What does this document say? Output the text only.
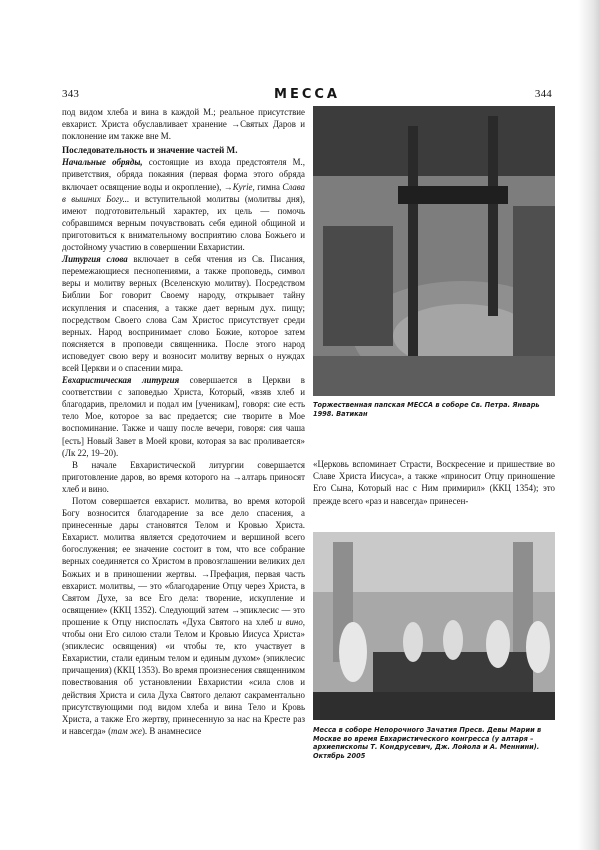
343	МЕССА	344

под видом хлеба и вина в каждой М.; реальное присутствие евхарист. Христа обуславливает хранение →Святых Даров и поклонение им также вне М.

Последовательность и значение частей М.

Начальные обряды, состоящие из входа предстоятеля М., приветствия, обряда покаяния (первая форма этого обряда включает освящение воды и окропление), →Kyrie, гимна Слава в вышних Богу... и вступительной молитвы (молитвы дня), имеют подготовительный характер, их цель — помочь собравшимся верным почувствовать себя единой общиной и приготовиться к внимательному восприятию слова Божьего и достойному участию в совершении Евхаристии.

Литургия слова включает в себя чтения из Св. Писания, перемежающиеся песнопениями, а также проповедь, символ веры и молитву верных (Вселенскую молитву). Посредством Библии Бог говорит Своему народу, открывает тайну искупления и спасения, а также дает верным дух. пищу; посредством Своего слова Сам Христос присутствует среди верных. Народ воспринимает слово Божие, которое затем поясняется в проповеди священника. После этого народ исповедует свою веру и возносит молитву верных о нуждах всей Церкви и о спасении мира.

Евхаристическая литургия совершается в Церкви в соответствии с заповедью Христа, Который, «взяв хлеб и благодарив, преломил и подал им [ученикам], говоря: сие есть тело Мое, которое за вас предается; сие творите в Мое воспоминание. Также и чашу после вечери, говоря: сия чаша [есть] Новый Завет в Моей крови, которая за вас проливается» (Лк 22, 19–20).

В начале Евхаристической литургии совершается приготовление даров, во время которого на →алтарь приносят хлеб и вино.

Потом совершается евхарист. молитва, во время которой Богу возносится благодарение за все дело спасения, а принесенные дары становятся Телом и Кровью Христа. Евхарист. молитва является средоточием и вершиной всего богослужения; ее значение состоит в том, что все собрание верных соединяется со Христом в провозглашении великих дел Божьих и в приношении жертвы. →Префация, первая часть евхарист. молитвы, — это «благодарение Отцу через Христа, в Святом Духе, за все Его дела: творение, искупление и освящение» (ККЦ 1352). Следующий затем →эпиклесис — это прошение к Отцу ниспослать «Духа Святого на хлеб и вино, чтобы они Его силою стали Телом и Кровью Иисуса Христа» (эпиклесис освящения) «и чтобы те, кто участвует в Евхаристии, стали единым телом и единым духом» (эпиклесис причащения) (ККЦ 1353). Во время произнесения священником повествования об установлении Евхаристии «сила слов и действия Христа и сила Духа Святого делают сакраментально присутствующими под видом хлеба и вина Тело и Кровь Христа, а также Его жертву, принесенную за нас на Кресте раз и навсегда» (там же). В анамнесисе

Торжественная папская МЕССА в соборе Св. Петра. Январь 1998. Ватикан

«Церковь вспоминает Страсти, Воскресение и пришествие во Славе Христа Иисуса», а также «приносит Отцу приношение Его Сына, Который нас с Ним примирил» (ККЦ 1354); это прежде всего «раз и навсегда» принесен-

Месса в соборе Непорочного Зачатия Пресв. Девы Марии в Москве во время Евхаристического конгресса (у алтаря – архиепископы Т. Кондрусевич, Дж. Лойола и А. Меннини). Октябрь 2005
